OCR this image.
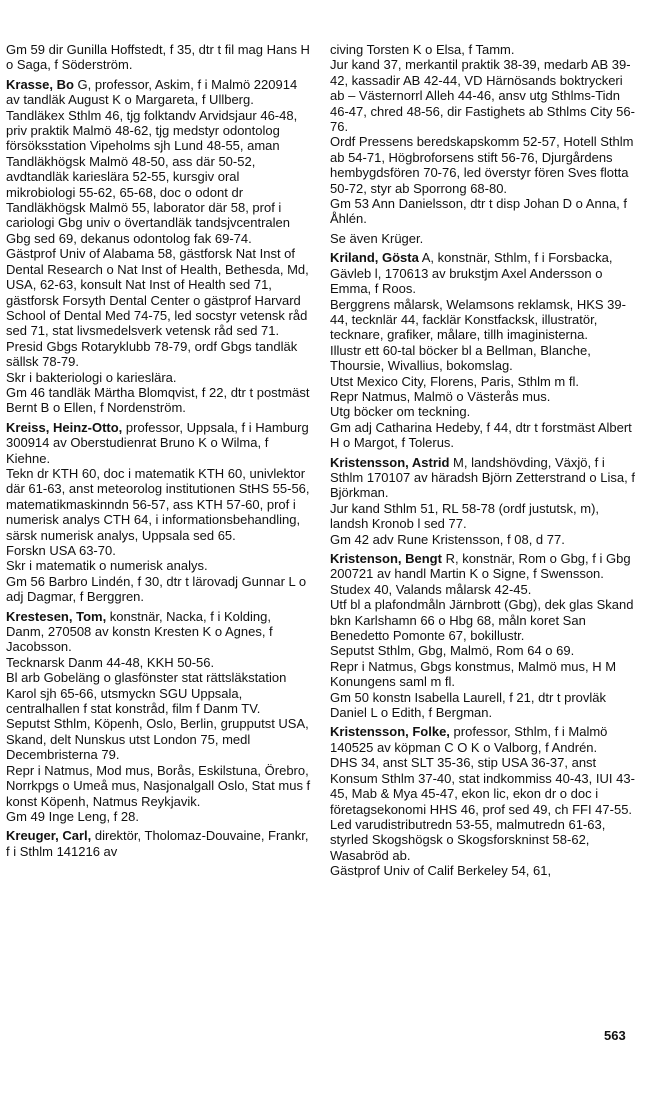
Gm 59 dir Gunilla Hoffstedt, f 35, dtr t fil mag Hans H o Saga, f Söderström.

Krasse, Bo G, professor, Askim, f i Malmö 220914 av tandläk August K o Margareta, f Ullberg.

Tandläkex Sthlm 46, tjg folktandv Arvidsjaur 46-48, priv praktik Malmö 48-62, tjg medstyr odontolog försöksstation Vipeholms sjh Lund 48-55, aman Tandläkhögsk Malmö 48-50, ass där 50-52, avdtandläk karieslära 52-55, kursgiv oral mikrobiologi 55-62, 65-68, doc o odont dr Tandläkhögsk Malmö 55, laborator där 58, prof i cariologi Gbg univ o övertandläk tandsjvcentralen Gbg sed 69, dekanus odontolog fak 69-74.

Gästprof Univ of Alabama 58, gästforsk Nat Inst of Dental Research o Nat Inst of Health, Bethesda, Md, USA, 62-63, konsult Nat Inst of Health sed 71, gästforsk Forsyth Dental Center o gästprof Harvard School of Dental Med 74-75, led socstyr vetensk råd sed 71, stat livsmedelsverk vetensk råd sed 71.

Presid Gbgs Rotaryklubb 78-79, ordf Gbgs tandläk sällsk 78-79.

Skr i bakteriologi o karieslära.

Gm 46 tandläk Märtha Blomqvist, f 22, dtr t postmäst Bernt B o Ellen, f Nordenström.

Kreiss, Heinz-Otto, professor, Uppsala, f i Hamburg 300914 av Oberstudienrat Bruno K o Wilma, f Kiehne.

Tekn dr KTH 60, doc i matematik KTH 60, univlektor där 61-63, anst meteorolog institutionen StHS 55-56, matematikmaskinndn 56-57, ass KTH 57-60, prof i numerisk analys CTH 64, i informationsbehandling, särsk numerisk analys, Uppsala sed 65.

Forskn USA 63-70.

Skr i matematik o numerisk analys.

Gm 56 Barbro Lindén, f 30, dtr t lärovadj Gunnar L o adj Dagmar, f Berggren.

Krestesen, Tom, konstnär, Nacka, f i Kolding, Danm, 270508 av konstn Kresten K o Agnes, f Jacobsson.

Tecknarsk Danm 44-48, KKH 50-56.

Bl arb Gobeläng o glasfönster stat rättsläkstation Karol sjh 65-66, utsmyckn SGU Uppsala, centralhallen f stat konstråd, film f Danm TV.

Seputst Sthlm, Köpenh, Oslo, Berlin, grupputst USA, Skand, delt Nunskus utst London 75, medl Decembristerna 79.

Repr i Natmus, Mod mus, Borås, Eskilstuna, Örebro, Norrkpgs o Umeå mus, Nasjonalgall Oslo, Stat mus f konst Köpenh, Natmus Reykjavik.

Gm 49 Inge Leng, f 28.

Kreuger, Carl, direktör, Tholomaz-Douvaine, Frankr, f i Sthlm 141216 av

civing Torsten K o Elsa, f Tamm.

Jur kand 37, merkantil praktik 38-39, medarb AB 39-42, kassadir AB 42-44, VD Härnösands boktryckeri ab – Västernorrl Alleh 44-46, ansv utg Sthlms-Tidn 46-47, chred 48-56, dir Fastighets ab Sthlms City 56-76.

Ordf Pressens beredskapskomm 52-57, Hotell Sthlm ab 54-71, Högbroforsens stift 56-76, Djurgårdens hembygdsfören 70-76, led överstyr fören Sves flotta 50-72, styr ab Sporrong 68-80.

Gm 53 Ann Danielsson, dtr t disp Johan D o Anna, f Åhlén.

Se även Krüger.

Kriland, Gösta A, konstnär, Sthlm, f i Forsbacka, Gävleb l, 170613 av brukstjm Axel Andersson o Emma, f Roos.

Berggrens målarsk, Welamsons reklamsk, HKS 39-44, tecknlär 44, facklär Konstfacksk, illustratör, tecknare, grafiker, målare, tillh imaginisterna.

Illustr ett 60-tal böcker bl a Bellman, Blanche, Thoursie, Wivallius, bokomslag.

Utst Mexico City, Florens, Paris, Sthlm m fl.

Repr Natmus, Malmö o Västerås mus.

Utg böcker om teckning.

Gm adj Catharina Hedeby, f 44, dtr t forstmäst Albert H o Margot, f Tolerus.

Kristensson, Astrid M, landshövding, Växjö, f i Sthlm 170107 av häradsh Björn Zetterstrand o Lisa, f Björkman.

Jur kand Sthlm 51, RL 58-78 (ordf justutsk, m), landsh Kronob l sed 77.

Gm 42 adv Rune Kristensson, f 08, d 77.

Kristenson, Bengt R, konstnär, Rom o Gbg, f i Gbg 200721 av handl Martin K o Signe, f Swensson.

Studex 40, Valands målarsk 42-45.

Utf bl a plafondmåln Järnbrott (Gbg), dek glas Skand bkn Karlshamn 66 o Hbg 68, måln koret San Benedetto Pomonte 67, bokillustr.

Seputst Sthlm, Gbg, Malmö, Rom 64 o 69.

Repr i Natmus, Gbgs konstmus, Malmö mus, H M Konungens saml m fl.

Gm 50 konstn Isabella Laurell, f 21, dtr t provläk Daniel L o Edith, f Bergman.

Kristensson, Folke, professor, Sthlm, f i Malmö 140525 av köpman C O K o Valborg, f Andrén.

DHS 34, anst SLT 35-36, stip USA 36-37, anst Konsum Sthlm 37-40, stat indkommiss 40-43, IUI 43-45, Mab & Mya 45-47, ekon lic, ekon dr o doc i företagsekonomi HHS 46, prof sed 49, ch FFI 47-55.

Led varudistributredn 53-55, malmutredn 61-63, styrled Skogshögsk o Skogsforskninst 58-62, Wasabröd ab.

Gästprof Univ of Calif Berkeley 54, 61,

563
